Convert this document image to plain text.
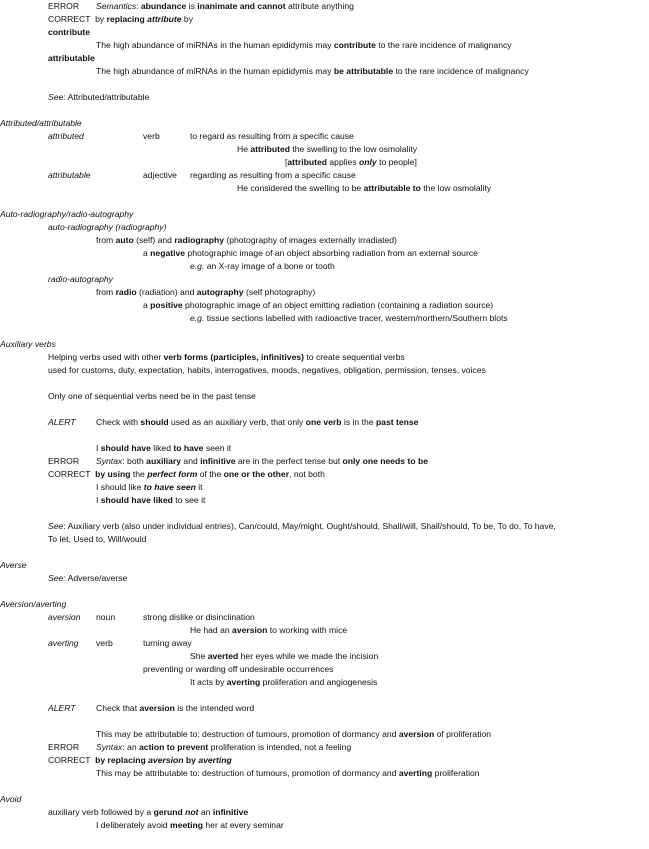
ERROR Semantics: abundance is inanimate and cannot attribute anything
CORRECT  by replacing attribute by
contribute
The high abundance of miRNAs in the human epididymis may contribute to the rare incidence of malignancy
attributable
The high abundance of miRNAs in the human epididymis may be attributable to the rare incidence of malignancy
See: Attributed/attributable
Attributed/attributable
attributed	verb	to regard as resulting from a specific cause
He attributed the swelling to the low osmolality
[attributed applies only to people]
attributable	adjective regarding as resulting from a specific cause
He considered the swelling to be attributable to the low osmolality
Auto-radiography/radio-autography
auto-radiography (radiography)
from auto (self) and radiography (photography of images externally irradiated)
a negative photographic image of an object absorbing radiation from an external source
e.g. an X-ray image of a bone or tooth
radio-autography
from radio (radiation) and autography (self photography)
a positive photographic image of an object emitting radiation (containing a radiation source)
e.g. tissue sections labelled with radioactive tracer, western/northern/Southern blots
Auxiliary verbs
Helping verbs used with other verb forms (participles, infinitives) to create sequential verbs
used for customs, duty, expectation, habits, interrogatives, moods, negatives, obligation, permission, tenses, voices
Only one of sequential verbs need be in the past tense
ALERT Check with should used as an auxiliary verb, that only one verb is in the past tense
I should have liked to have seen it
ERROR Syntax: both auxiliary and infinitive are in the perfect tense but only one needs to be
CORRECT  by using the perfect form of the one or the other, not both
I should like to have seen it
I should have liked to see it
See: Auxiliary verb (also under individual entries), Can/could, May/might, Ought/should, Shall/will, Shall/should, To be, To do, To have,
To let, Used to, Will/would
Averse
See: Adverse/averse
Aversion/averting
aversion noun	strong dislike or disinclination
He had an aversion to working with mice
averting verb	turning away
She averted her eyes while we made the incision
preventing or warding off undesirable occurrences
It acts by averting proliferation and angiogenesis
ALERT Check that aversion is the intended word
This may be attributable to: destruction of tumours, promotion of dormancy and aversion of proliferation
ERROR Syntax: an action to prevent proliferation is intended, not a feeling
CORRECT  by replacing aversion by averting
This may be attributable to: destruction of tumours, promotion of dormancy and averting proliferation
Avoid
auxiliary verb followed by a gerund not an infinitive
I deliberately avoid meeting her at every seminar
